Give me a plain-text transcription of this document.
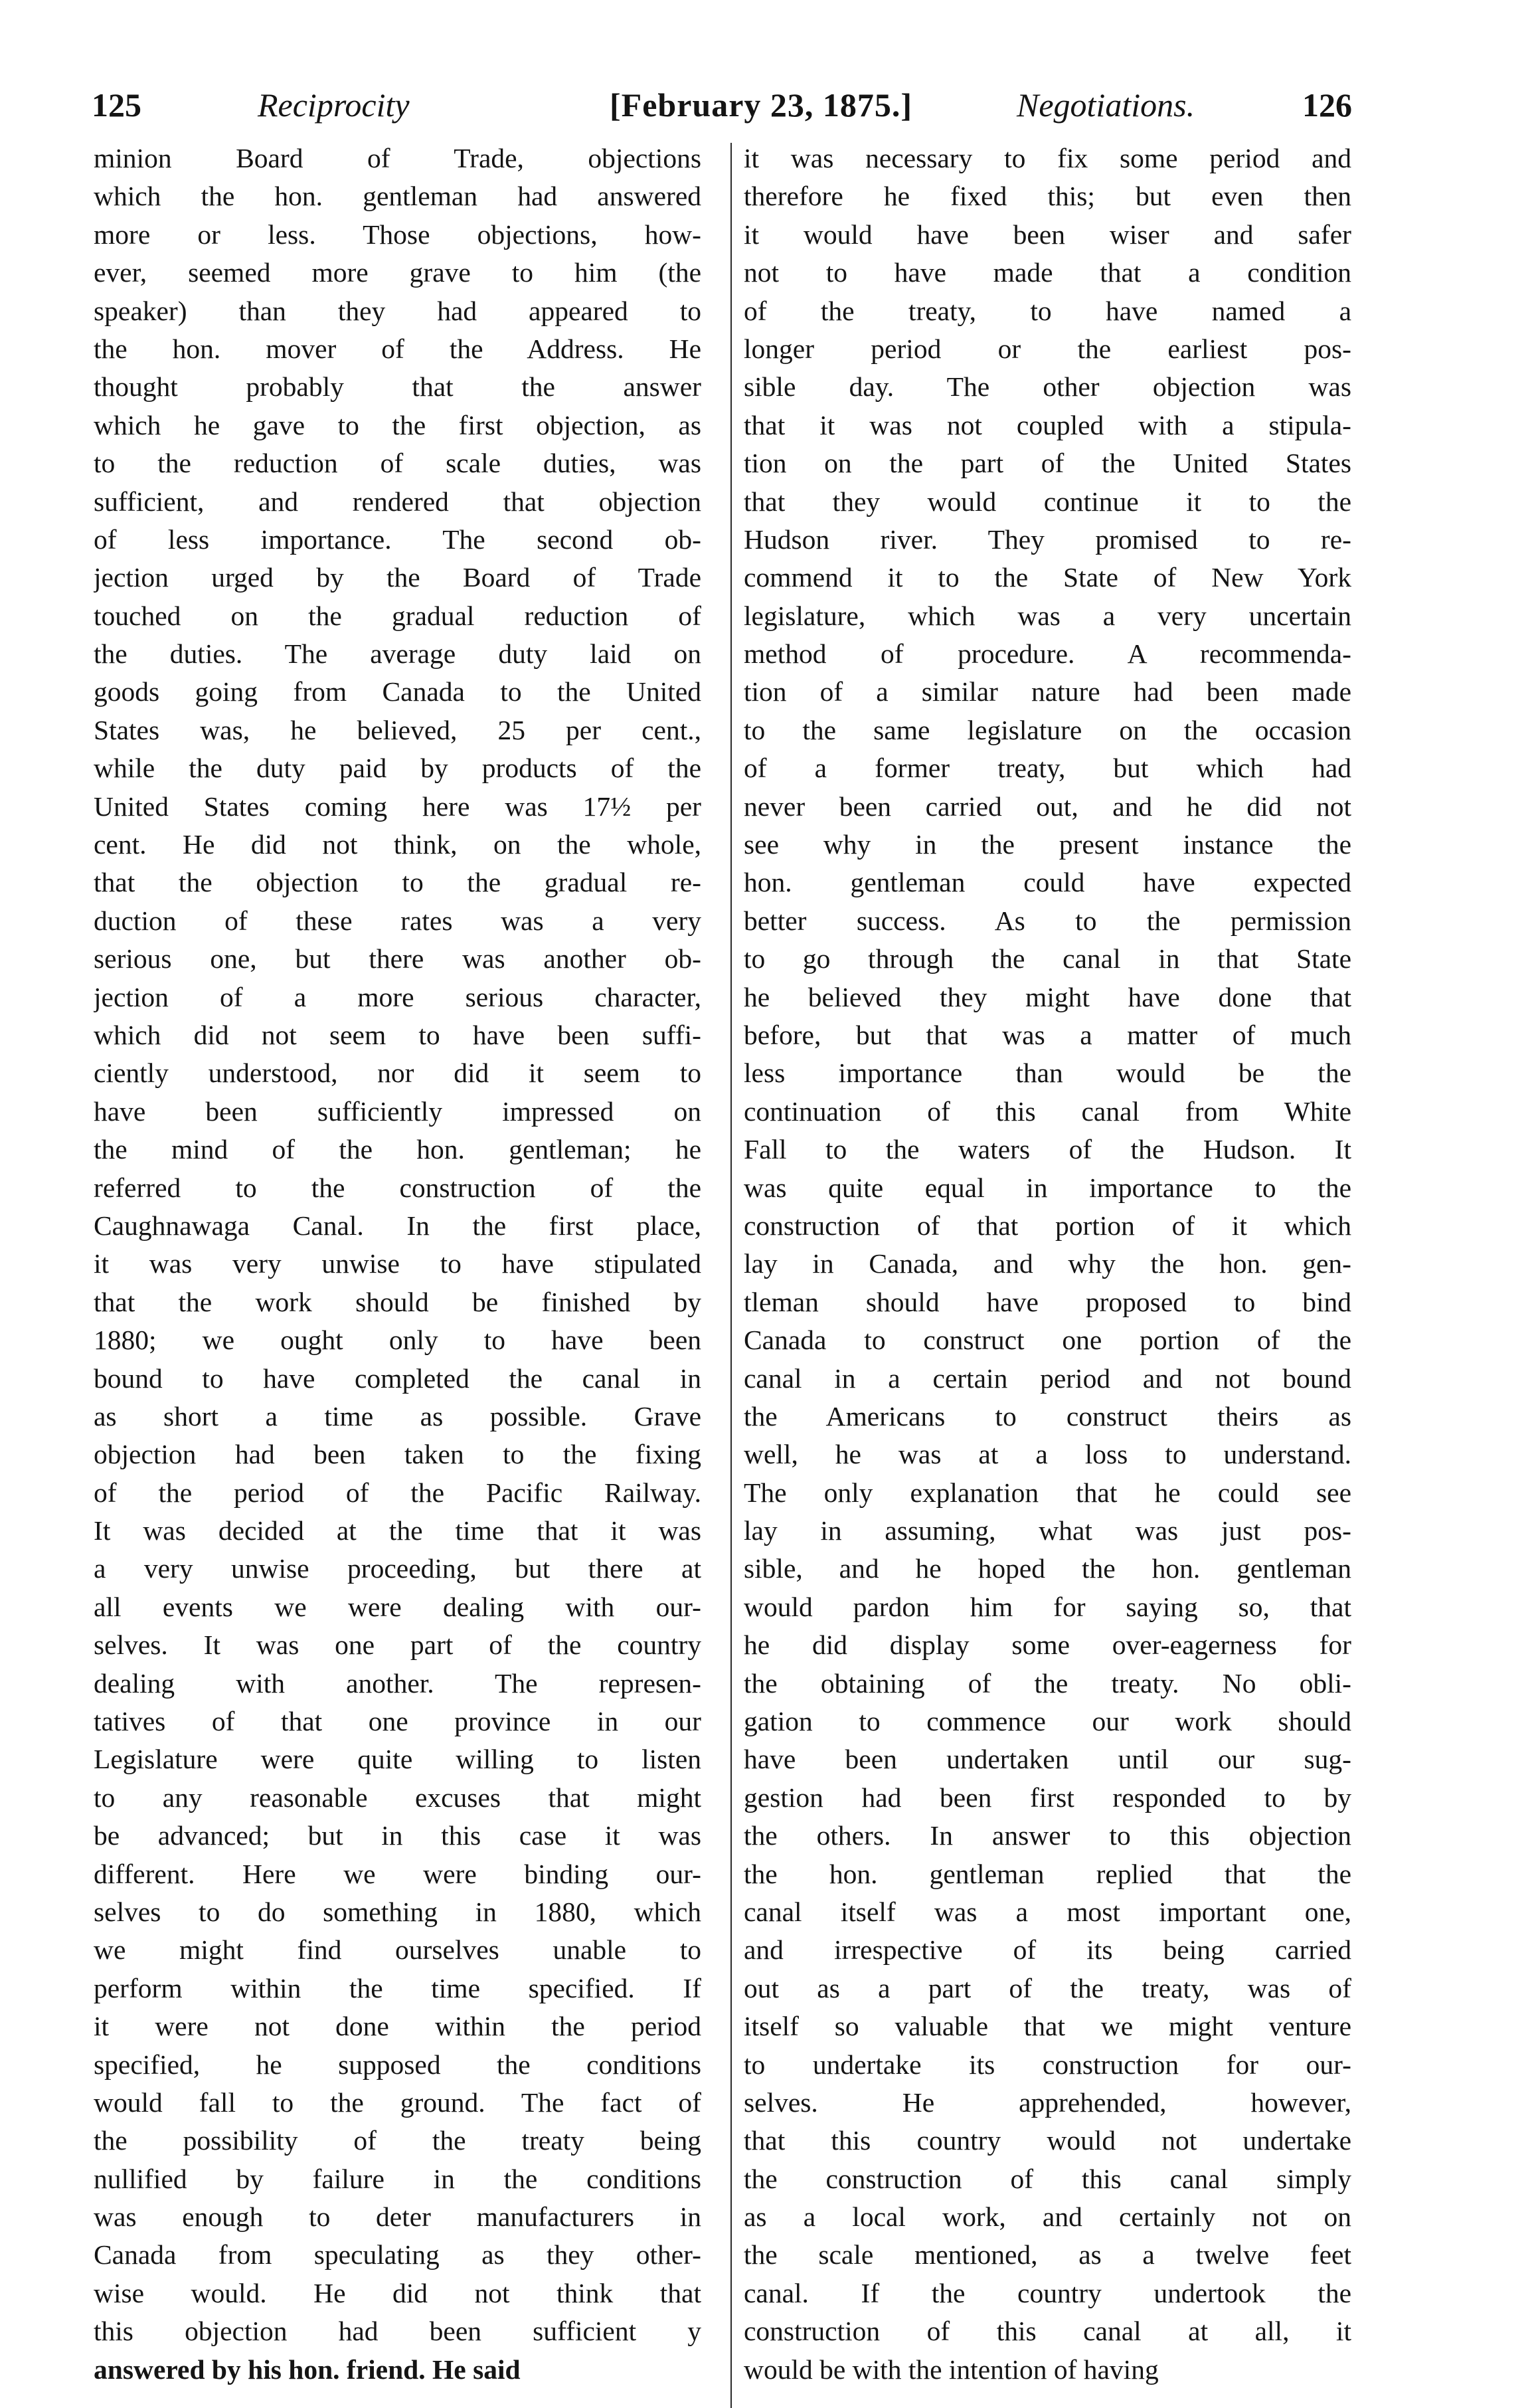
125	Reciprocity	[February 23, 1875.]	Negotiations.	126
minion Board of Trade, objections
which the hon. gentleman had answered
more or less. Those objections, how-
ever, seemed more grave to him (the
speaker) than they had appeared to
the hon. mover of the Address. He
thought probably that the answer
which he gave to the first objection, as
to the reduction of scale duties, was
sufficient, and rendered that objection
of less importance. The second ob-
jection urged by the Board of Trade
touched on the gradual reduction of
the duties. The average duty laid on
goods going from Canada to the United
States was, he believed, 25 per cent.,
while the duty paid by products of the
United States coming here was 17½ per
cent. He did not think, on the whole,
that the objection to the gradual re-
duction of these rates was a very
serious one, but there was another ob-
jection of a more serious character,
which did not seem to have been suffi-
ciently understood, nor did it seem to
have been sufficiently impressed on
the mind of the hon. gentleman; he
referred to the construction of the
Caughnawaga Canal. In the first place,
it was very unwise to have stipulated
that the work should be finished by
1880; we ought only to have been
bound to have completed the canal in
as short a time as possible. Grave
objection had been taken to the fixing
of the period of the Pacific Railway.
It was decided at the time that it was
a very unwise proceeding, but there at
all events we were dealing with our-
selves. It was one part of the country
dealing with another. The represen-
tatives of that one province in our
Legislature were quite willing to listen
to any reasonable excuses that might
be advanced; but in this case it was
different. Here we were binding our-
selves to do something in 1880, which
we might find ourselves unable to
perform within the time specified. If
it were not done within the period
specified, he supposed the conditions
would fall to the ground. The fact of
the possibility of the treaty being
nullified by failure in the conditions
was enough to deter manufacturers in
Canada from speculating as they other-
wise would. He did not think that
this objection had been sufficient y
answered by his hon. friend. He said
it was necessary to fix some period and
therefore he fixed this; but even then
it would have been wiser and safer
not to have made that a condition
of the treaty, to have named a
longer period or the earliest pos-
sible day. The other objection was
that it was not coupled with a stipula-
tion on the part of the United States
that they would continue it to the
Hudson river. They promised to re-
commend it to the State of New York
legislature, which was a very uncertain
method of procedure. A recommenda-
tion of a similar nature had been made
to the same legislature on the occasion
of a former treaty, but which had
never been carried out, and he did not
see why in the present instance the
hon. gentleman could have expected
better success. As to the permission
to go through the canal in that State
he believed they might have done that
before, but that was a matter of much
less importance than would be the
continuation of this canal from White
Fall to the waters of the Hudson. It
was quite equal in importance to the
construction of that portion of it which
lay in Canada, and why the hon. gen-
tleman should have proposed to bind
Canada to construct one portion of the
canal in a certain period and not bound
the Americans to construct theirs as
well, he was at a loss to understand.
The only explanation that he could see
lay in assuming, what was just pos-
sible, and he hoped the hon. gentleman
would pardon him for saying so, that
he did display some over-eagerness for
the obtaining of the treaty. No obli-
gation to commence our work should
have been undertaken until our sug-
gestion had been first responded to by
the others. In answer to this objection
the hon. gentleman replied that the
canal itself was a most important one,
and irrespective of its being carried
out as a part of the treaty, was of
itself so valuable that we might venture
to undertake its construction for our-
selves. He apprehended, however,
that this country would not undertake
the construction of this canal simply
as a local work, and certainly not on
the scale mentioned, as a twelve feet
canal. If the country undertook the
construction of this canal at all, it
would be with the intention of having
